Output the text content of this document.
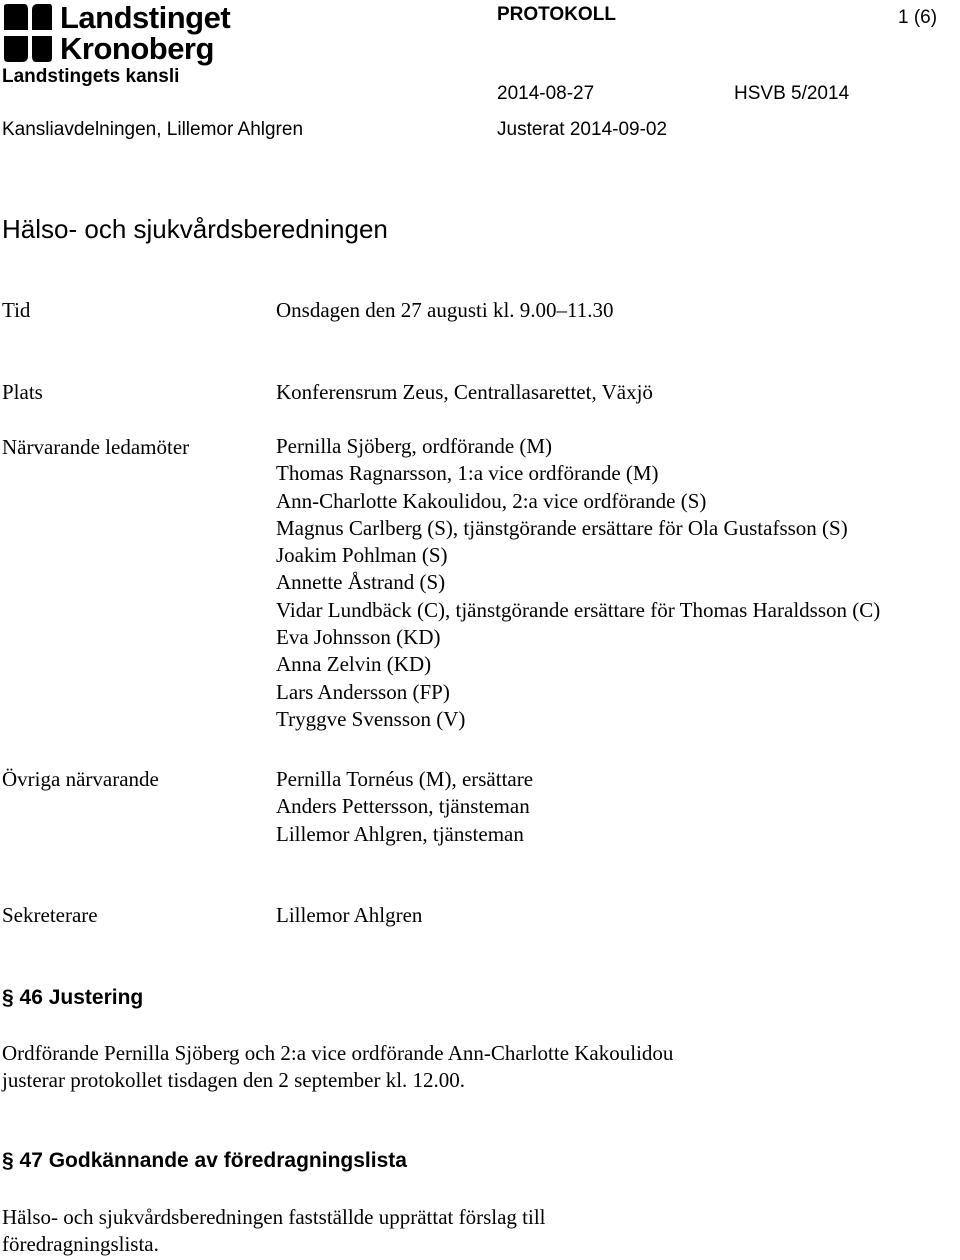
Landstinget
Kronoberg
Landstingets kansli
Kansliavdelningen, Lillemor Ahlgren
PROTOKOLL	1 (6)
2014-08-27	HSVB 5/2014
Justerat 2014-09-02
Hälso- och sjukvårdsberedningen
Tid	Onsdagen den 27 augusti kl. 9.00–11.30
Plats	Konferensrum Zeus, Centrallasarettet, Växjö
Närvarande ledamöter	Pernilla Sjöberg, ordförande (M)
Thomas Ragnarsson, 1:a vice ordförande (M)
Ann-Charlotte Kakoulidou, 2:a vice ordförande (S)
Magnus Carlberg (S), tjänstgörande ersättare för Ola Gustafsson (S)
Joakim Pohlman (S)
Annette Åstrand (S)
Vidar Lundbäck (C), tjänstgörande ersättare för Thomas Haraldsson (C)
Eva Johnsson (KD)
Anna Zelvin (KD)
Lars Andersson (FP)
Tryggve Svensson (V)
Övriga närvarande	Pernilla Tornéus (M), ersättare
Anders Pettersson, tjänsteman
Lillemor Ahlgren, tjänsteman
Sekreterare	Lillemor Ahlgren
§ 46 Justering
Ordförande Pernilla Sjöberg och 2:a vice ordförande Ann-Charlotte Kakoulidou
justerar protokollet tisdagen den 2 september kl. 12.00.
§ 47 Godkännande av föredragningslista
Hälso- och sjukvårdsberedningen fastställde upprättat förslag till
föredragningslista.
